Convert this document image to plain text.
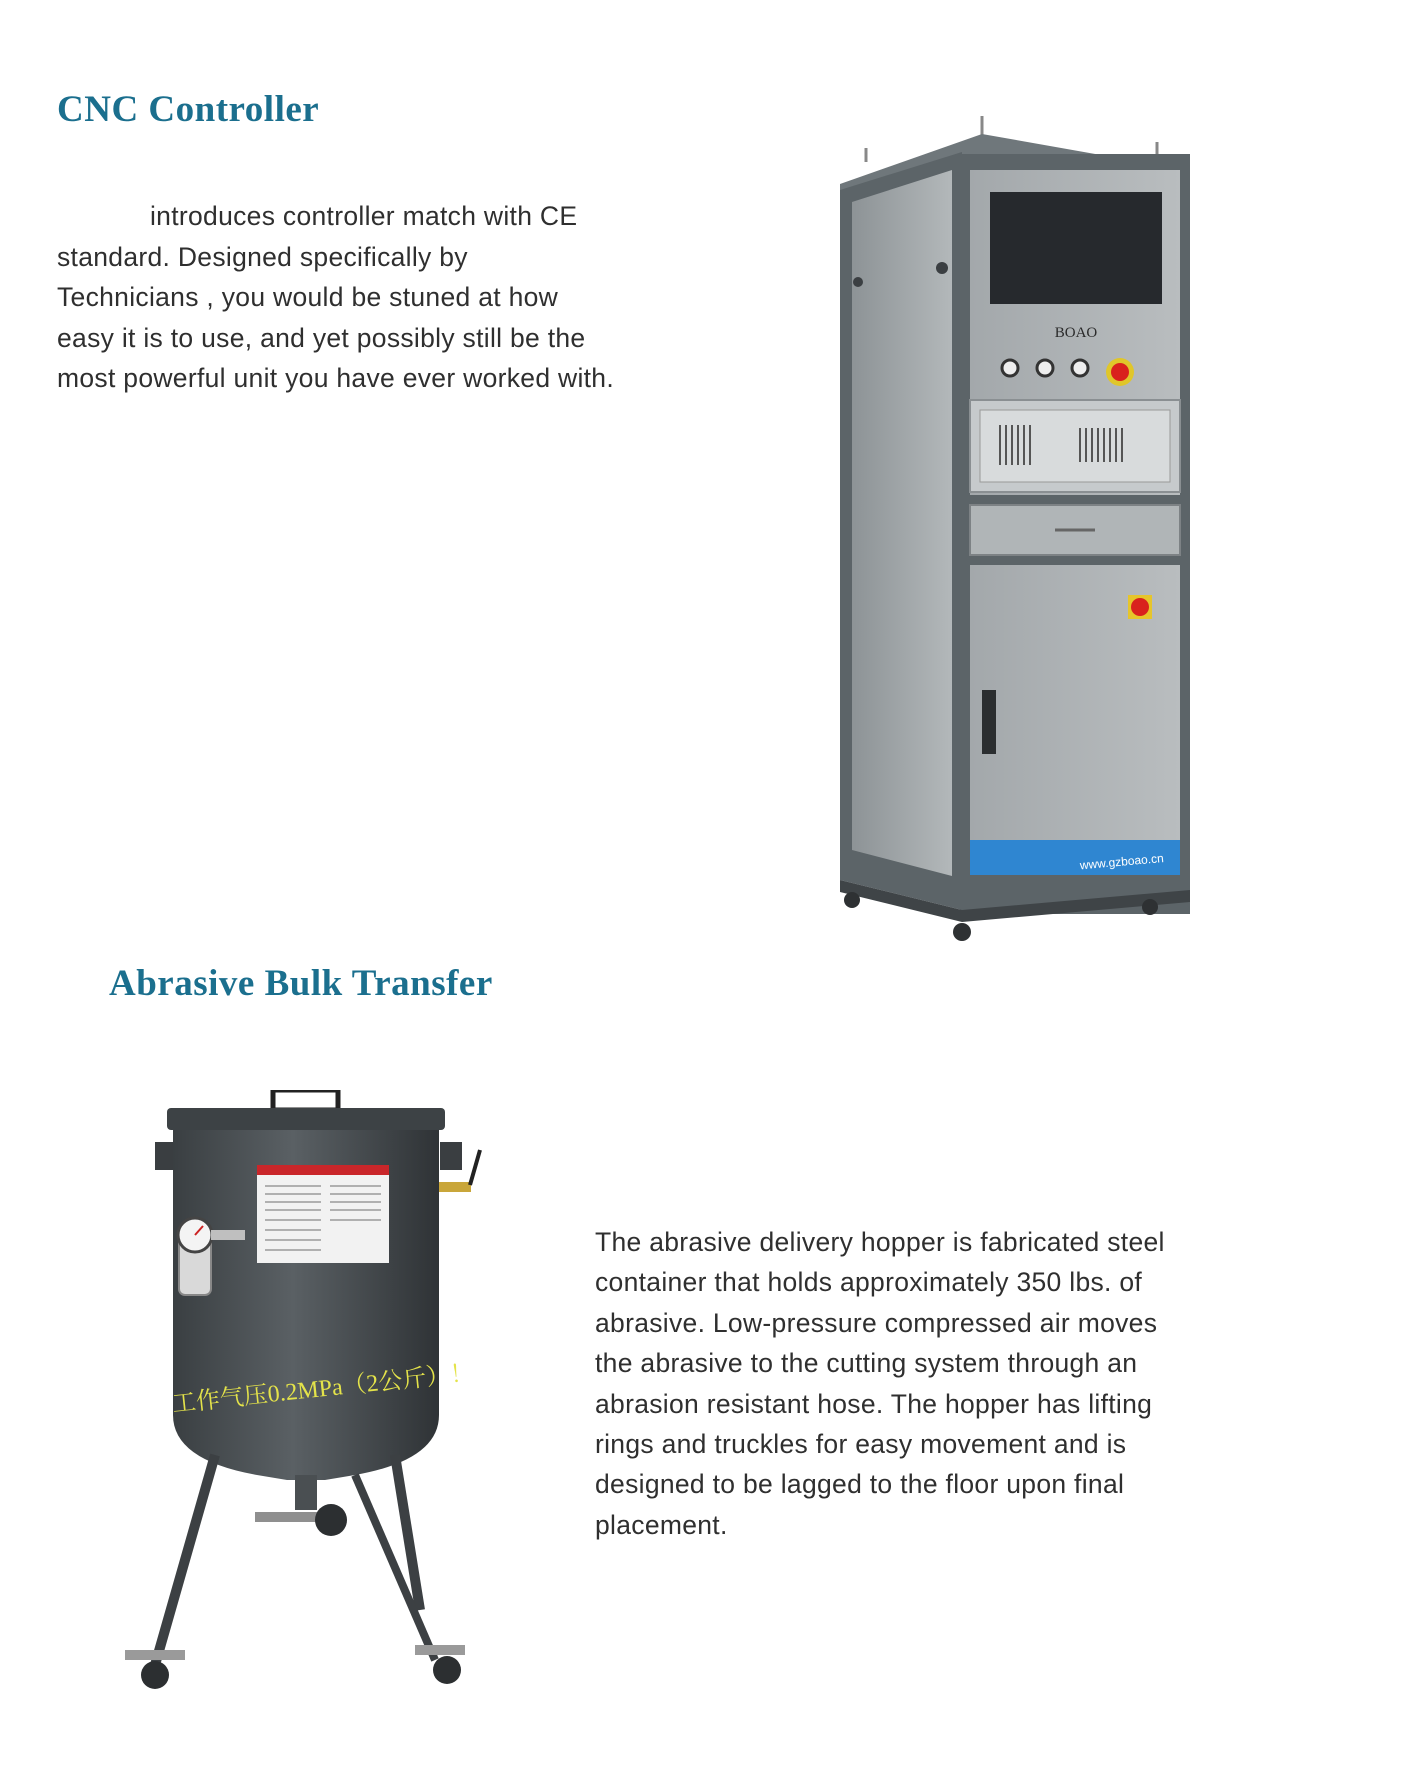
CNC Controller

introduces controller match with CE
standard. Designed specifically by
Technicians , you would be stuned at how
easy it is to use, and yet possibly still be the
most powerful unit you have ever worked with.

BOAO
www.gzboao.cn
Abrasive Bulk Transfer
工作气压0.2MPa（2公斤）！

The abrasive delivery hopper is fabricated steel
container that holds approximately 350 lbs. of
abrasive. Low-pressure compressed air moves
the abrasive to the cutting system through an
abrasion resistant hose. The hopper has lifting
rings and truckles for easy movement and is
designed to be lagged to the floor upon final
placement.
